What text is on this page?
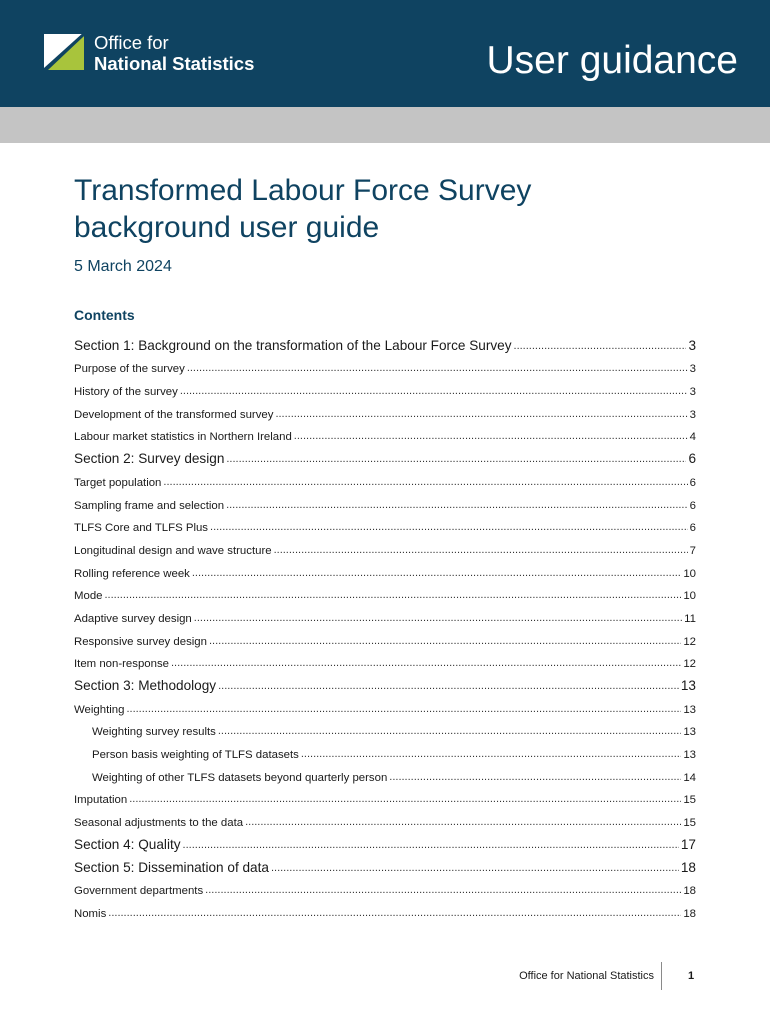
Office for
National Statistics	User guidance
Transformed Labour Force Survey background user guide
5 March 2024
Contents
Section 1: Background on the transformation of the Labour Force Survey .....	3
Purpose of the survey .....	3
History of the survey .....	3
Development of the transformed survey .....	3
Labour market statistics in Northern Ireland .....	4
Section 2: Survey design .....	6
Target population .....	6
Sampling frame and selection .....	6
TLFS Core and TLFS Plus .....	6
Longitudinal design and wave structure .....	7
Rolling reference week .....	10
Mode .....	10
Adaptive survey design .....	11
Responsive survey design .....	12
Item non-response .....	12
Section 3: Methodology .....	13
Weighting .....	13
Weighting survey results .....	13
Person basis weighting of TLFS datasets .....	13
Weighting of other TLFS datasets beyond quarterly person .....	14
Imputation .....	15
Seasonal adjustments to the data .....	15
Section 4: Quality .....	17
Section 5: Dissemination of data .....	18
Government departments .....	18
Nomis .....	18
Office for National Statistics	1
